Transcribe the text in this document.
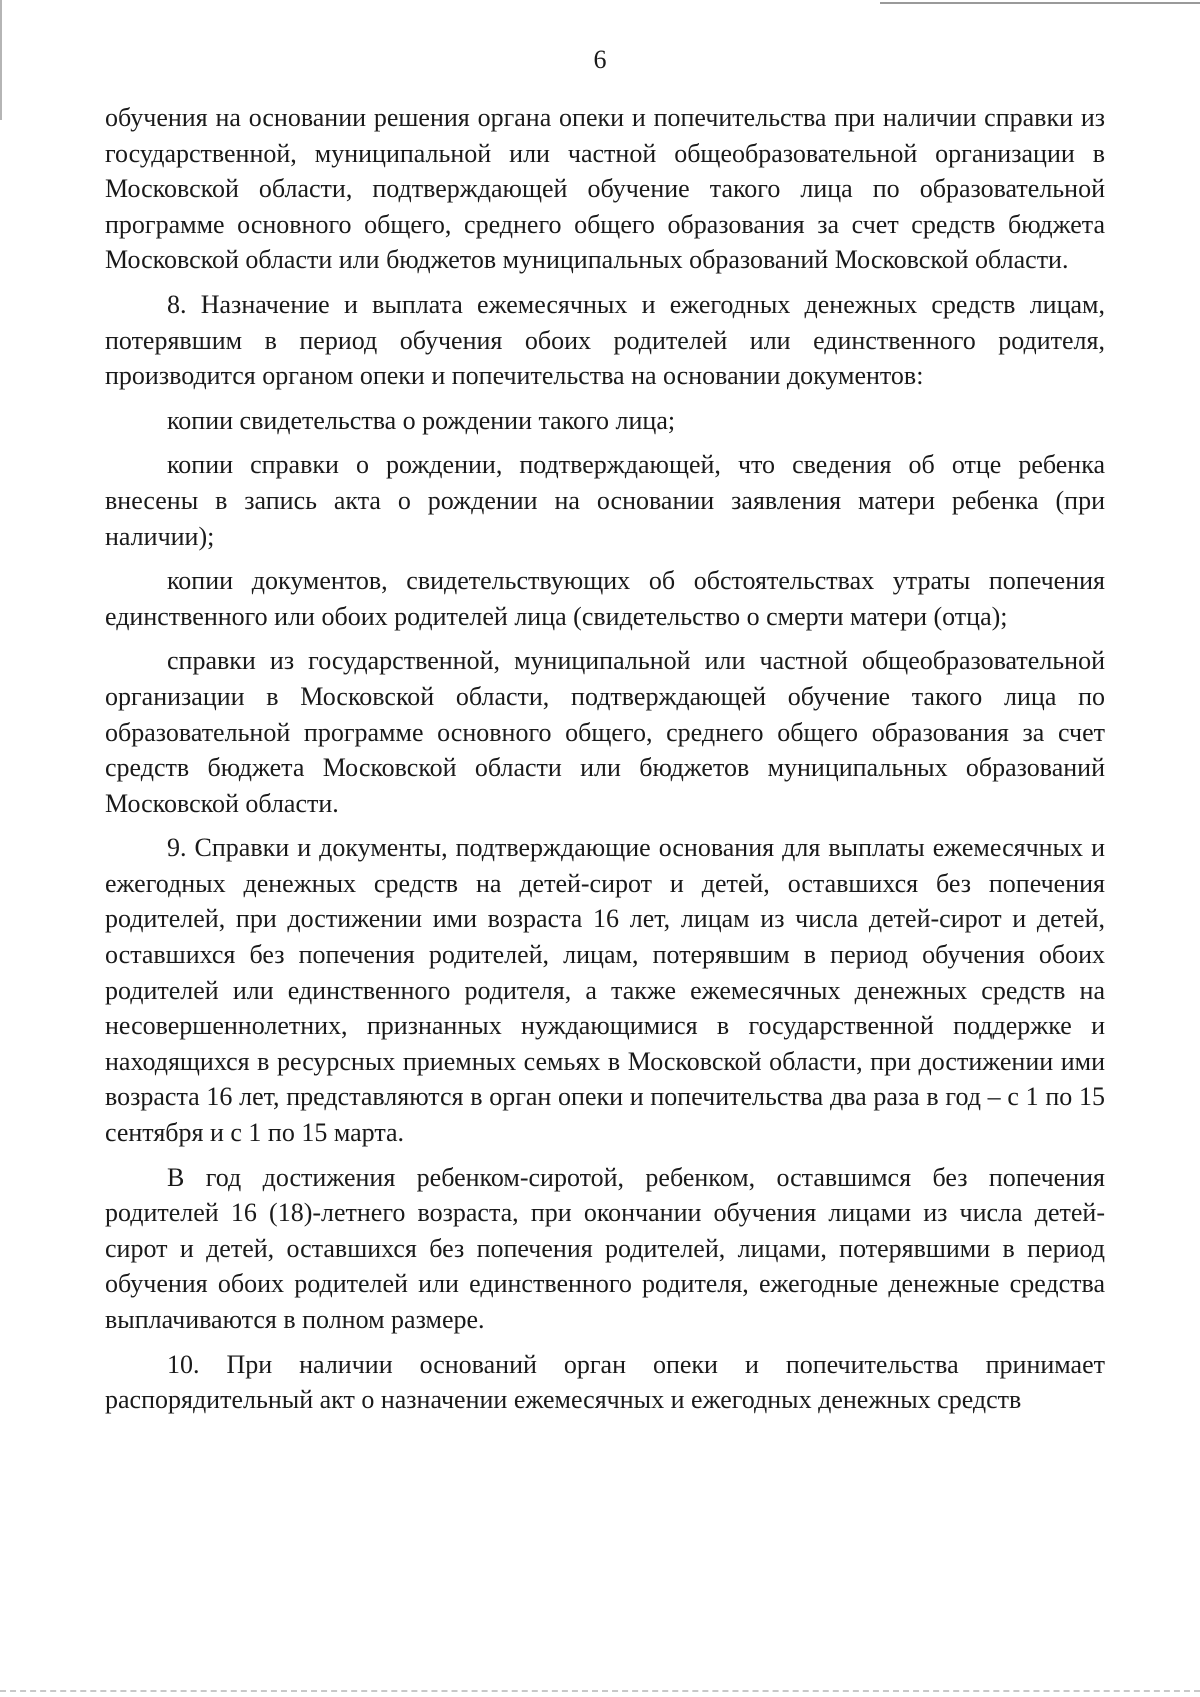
6

обучения на основании решения органа опеки и попечительства при наличии справки из государственной, муниципальной или частной общеобразовательной организации в Московской области, подтверждающей обучение такого лица по образовательной программе основного общего, среднего общего образования за счет средств бюджета Московской области или бюджетов муниципальных образований Московской области.

8. Назначение и выплата ежемесячных и ежегодных денежных средств лицам, потерявшим в период обучения обоих родителей или единственного родителя, производится органом опеки и попечительства на основании документов:

копии свидетельства о рождении такого лица;

копии справки о рождении, подтверждающей, что сведения об отце ребенка внесены в запись акта о рождении на основании заявления матери ребенка (при наличии);

копии документов, свидетельствующих об обстоятельствах утраты попечения единственного или обоих родителей лица (свидетельство о смерти матери (отца);

справки из государственной, муниципальной или частной общеобразовательной организации в Московской области, подтверждающей обучение такого лица по образовательной программе основного общего, среднего общего образования за счет средств бюджета Московской области или бюджетов муниципальных образований Московской области.

9. Справки и документы, подтверждающие основания для выплаты ежемесячных и ежегодных денежных средств на детей-сирот и детей, оставшихся без попечения родителей, при достижении ими возраста 16 лет, лицам из числа детей-сирот и детей, оставшихся без попечения родителей, лицам, потерявшим в период обучения обоих родителей или единственного родителя, а также ежемесячных денежных средств на несовершеннолетних, признанных нуждающимися в государственной поддержке и находящихся в ресурсных приемных семьях в Московской области, при достижении ими возраста 16 лет, представляются в орган опеки и попечительства два раза в год – с 1 по 15 сентября и с 1 по 15 марта.

В год достижения ребенком-сиротой, ребенком, оставшимся без попечения родителей 16 (18)-летнего возраста, при окончании обучения лицами из числа детей-сирот и детей, оставшихся без попечения родителей, лицами, потерявшими в период обучения обоих родителей или единственного родителя, ежегодные денежные средства выплачиваются в полном размере.

10. При наличии оснований орган опеки и попечительства принимает распорядительный акт о назначении ежемесячных и ежегодных денежных средств
